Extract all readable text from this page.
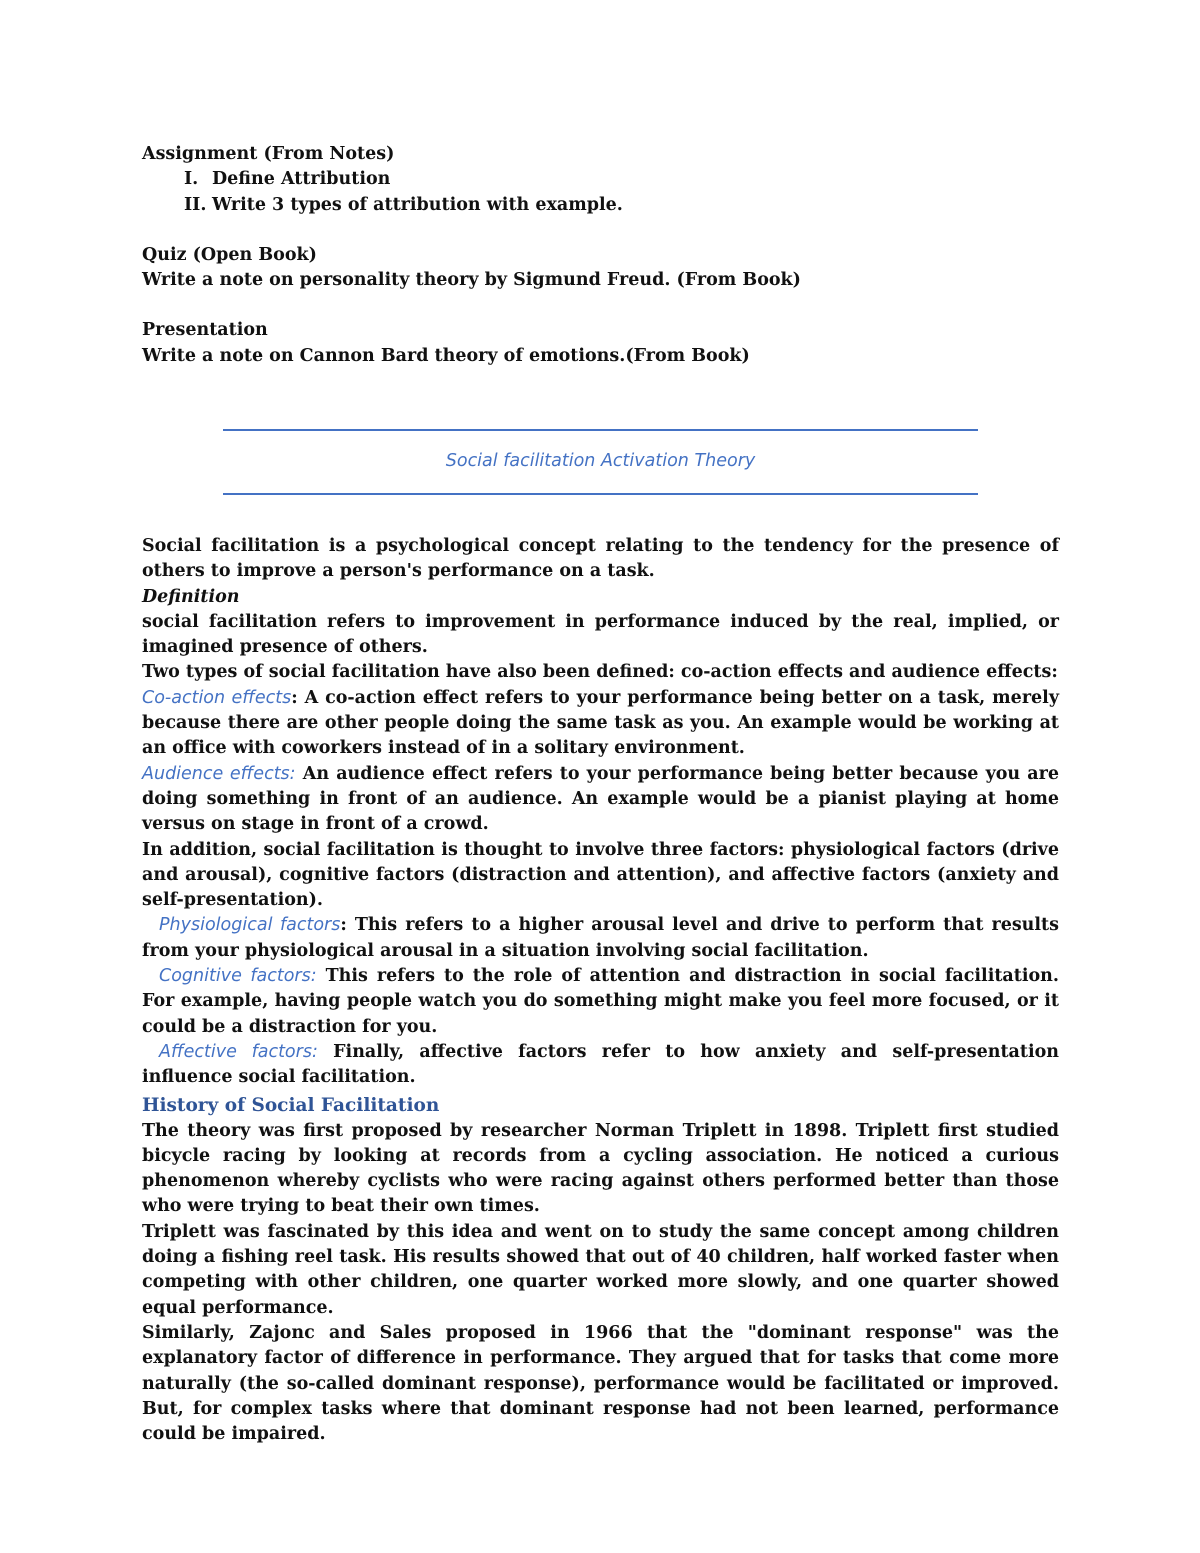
Assignment (From Notes)
I. Define Attribution
II. Write 3 types of attribution with example.
Quiz (Open Book)
Write a note on personality theory by Sigmund Freud. (From Book)
Presentation
Write a note on Cannon Bard theory of emotions.(From Book)
Social facilitation Activation Theory

Social facilitation is a psychological concept relating to the tendency for the presence of others to improve a person's performance on a task.

Definition

social facilitation refers to improvement in performance induced by the real, implied, or imagined presence of others.

Two types of social facilitation have also been defined: co-action effects and audience effects:

Co-action effects: A co-action effect refers to your performance being better on a task, merely because there are other people doing the same task as you. An example would be working at an office with coworkers instead of in a solitary environment.

Audience effects: An audience effect refers to your performance being better because you are doing something in front of an audience. An example would be a pianist playing at home versus on stage in front of a crowd.

In addition, social facilitation is thought to involve three factors: physiological factors (drive and arousal), cognitive factors (distraction and attention), and affective factors (anxiety and self-presentation).

Physiological factors: This refers to a higher arousal level and drive to perform that results from your physiological arousal in a situation involving social facilitation.

Cognitive factors: This refers to the role of attention and distraction in social facilitation. For example, having people watch you do something might make you feel more focused, or it could be a distraction for you.

Affective factors: Finally, affective factors refer to how anxiety and self-presentation influence social facilitation.

History of Social Facilitation

The theory was first proposed by researcher Norman Triplett in 1898. Triplett first studied bicycle racing by looking at records from a cycling association. He noticed a curious phenomenon whereby cyclists who were racing against others performed better than those who were trying to beat their own times.

Triplett was fascinated by this idea and went on to study the same concept among children doing a fishing reel task. His results showed that out of 40 children, half worked faster when competing with other children, one quarter worked more slowly, and one quarter showed equal performance.

Similarly, Zajonc and Sales proposed in 1966 that the "dominant response" was the explanatory factor of difference in performance. They argued that for tasks that come more naturally (the so-called dominant response), performance would be facilitated or improved. But, for complex tasks where that dominant response had not been learned, performance could be impaired.
